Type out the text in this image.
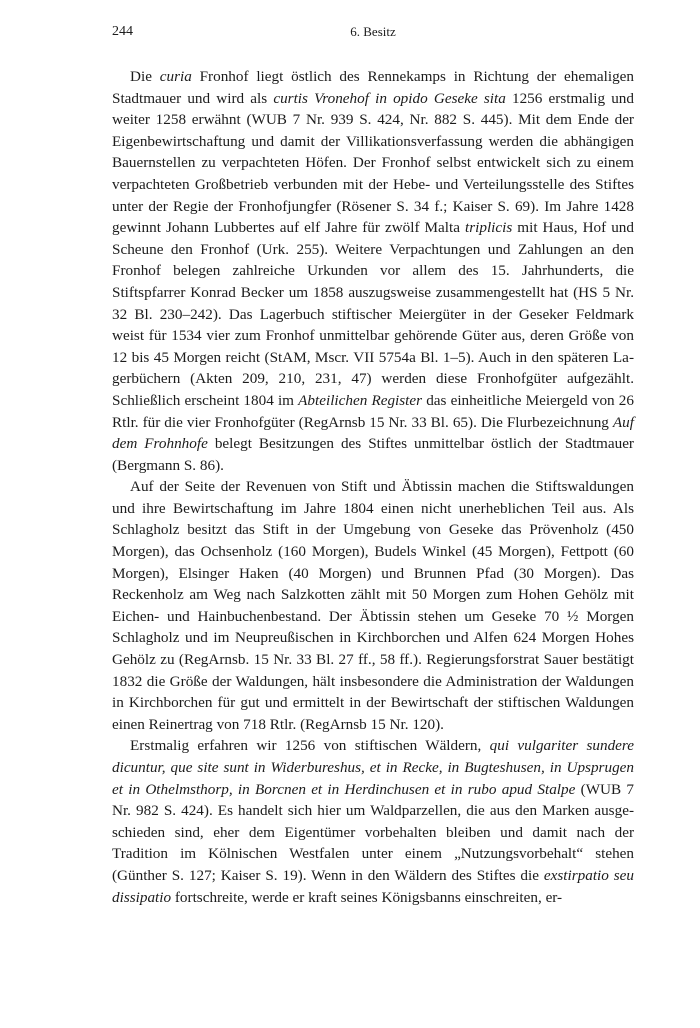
244	6. Besitz

Die curia Fronhof liegt östlich des Rennekamps in Richtung der ehemaligen Stadtmauer und wird als curtis Vronehof in opido Geseke sita 1256 erstmalig und weiter 1258 erwähnt (WUB 7 Nr. 939 S. 424, Nr. 882 S. 445). Mit dem Ende der Eigenbewirtschaftung und damit der Villikationsverfassung werden die abhängigen Bauernstellen zu verpachteten Höfen. Der Fronhof selbst entwickelt sich zu einem verpachteten Großbetrieb verbunden mit der Hebe- und Verteilungsstelle des Stiftes unter der Regie der Fronhofjungfer (Rösener S. 34 f.; Kaiser S. 69). Im Jahre 1428 gewinnt Johann Lubbertes auf elf Jahre für zwölf Malta triplicis mit Haus, Hof und Scheune den Fronhof (Urk. 255). Weitere Verpachtungen und Zahlungen an den Fronhof belegen zahlreiche Urkunden vor allem des 15. Jahrhunderts, die Stiftspfarrer Konrad Becker um 1858 auszugsweise zusammengestellt hat (HS 5 Nr. 32 Bl. 230–242). Das Lagerbuch stiftischer Meiergüter in der Geseker Feldmark weist für 1534 vier zum Fronhof unmittelbar gehörende Güter aus, deren Größe von 12 bis 45 Morgen reicht (StAM, Mscr. VII 5754a Bl. 1–5). Auch in den späteren Lagerbüchern (Akten 209, 210, 231, 47) werden diese Fronhofgüter aufgezählt. Schließlich erscheint 1804 im Abteilichen Register das einheitliche Meiergeld von 26 Rtlr. für die vier Fronhofgüter (RegArnsb 15 Nr. 33 Bl. 65). Die Flurbezeichnung Auf dem Frohnhofe belegt Besitzungen des Stiftes unmittelbar östlich der Stadtmauer (Bergmann S. 86).

Auf der Seite der Revenuen von Stift und Äbtissin machen die Stiftswaldungen und ihre Bewirtschaftung im Jahre 1804 einen nicht unerheblichen Teil aus. Als Schlagholz besitzt das Stift in der Umgebung von Geseke das Prövenholz (450 Morgen), das Ochsenholz (160 Morgen), Budels Winkel (45 Morgen), Fettpott (60 Morgen), Elsinger Haken (40 Morgen) und Brunnen Pfad (30 Morgen). Das Reckenholz am Weg nach Salzkotten zählt mit 50 Morgen zum Hohen Gehölz mit Eichen- und Hainbuchenbestand. Der Äbtissin stehen um Geseke 70 ½ Morgen Schlagholz und im Neupreußischen in Kirchborchen und Alfen 624 Morgen Hohes Gehölz zu (RegArnsb. 15 Nr. 33 Bl. 27 ff., 58 ff.). Regierungsforstrat Sauer bestätigt 1832 die Größe der Waldungen, hält insbesondere die Administration der Waldungen in Kirchborchen für gut und ermittelt in der Bewirtschaft der stiftischen Waldungen einen Reinertrag von 718 Rtlr. (RegArnsb 15 Nr. 120).

Erstmalig erfahren wir 1256 von stiftischen Wäldern, qui vulgariter sundere dicuntur, que site sunt in Widerbureshus, et in Recke, in Bugteshusen, in Upsprugen et in Othelmsthorp, in Borcnen et in Herdinchusen et in rubo apud Stalpe (WUB 7 Nr. 982 S. 424). Es handelt sich hier um Waldparzellen, die aus den Marken ausgeschieden sind, eher dem Eigentümer vorbehalten bleiben und damit nach der Tradition im Kölnischen Westfalen unter einem „Nutzungsvorbehalt“ stehen (Günther S. 127; Kaiser S. 19). Wenn in den Wäldern des Stiftes die exstirpatio seu dissipatio fortschreite, werde er kraft seines Königsbanns einschreiten, er-
